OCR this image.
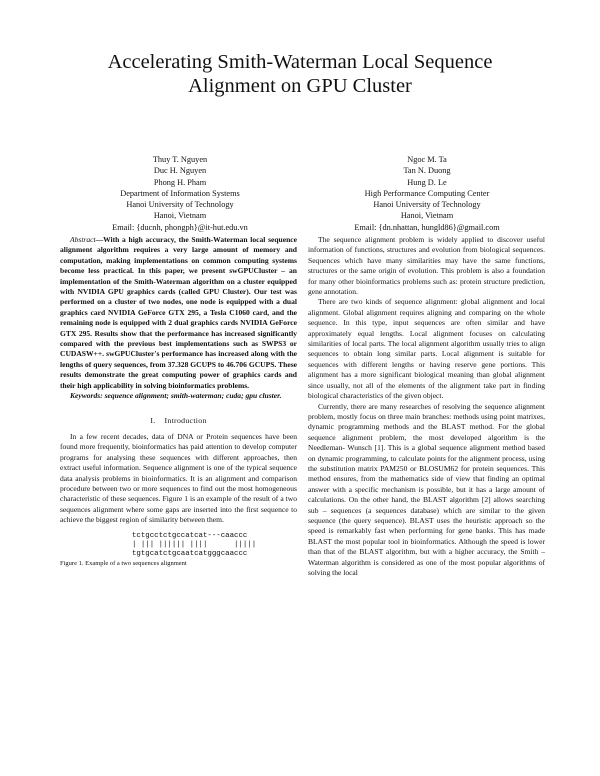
Accelerating Smith-Waterman Local Sequence
Alignment on GPU Cluster
Thuy T. Nguyen
Duc H. Nguyen
Phong H. Pham
Department of Information Systems
Hanoi University of Technology
Hanoi, Vietnam
Email: {ducnh, phongph}@it-hut.edu.vn
Ngoc M. Ta
Tan N. Duong
Hung D. Le
High Performance Computing Center
Hanoi University of Technology
Hanoi, Vietnam
Email: {dn.nhattan, hungld86}@gmail.com

Abstract—With a high accuracy, the Smith-Waterman local sequence alignment algorithm requires a very large amount of memory and computation, making implementations on common computing systems become less practical. In this paper, we present swGPUCluster – an implementation of the Smith-Waterman algorithm on a cluster equipped with NVIDIA GPU graphics cards (called GPU Cluster). Our test was performed on a cluster of two nodes, one node is equipped with a dual graphics card NVIDIA GeForce GTX 295, a Tesla C1060 card, and the remaining node is equipped with 2 dual graphics cards NVIDIA GeForce GTX 295. Results show that the performance has increased significantly compared with the previous best implementations such as SWPS3 or CUDASW++. swGPUCluster's performance has increased along with the lengths of query sequences, from 37.328 GCUPS to 46.706 GCUPS. These results demonstrate the great computing power of graphics cards and their high applicability in solving bioinformatics problems.

Keywords: sequence alignment; smith-waterman; cuda; gpu cluster.

I. Introduction

In a few recent decades, data of DNA or Protein sequences have been found more frequently, bioinformatics has paid attention to develop computer programs for analysing these sequences with different approaches, then extract useful information. Sequence alignment is one of the typical sequence data analysis problems in bioinformatics. It is an alignment and comparison procedure between two or more sequences to find out the most homogeneous characteristic of these sequences. Figure 1 is an example of the result of a two sequences alignment where some gaps are inserted into the first sequence to achieve the biggest region of similarity between them.

tctgcctctgccatcat---caaccc
| ||| |||||| ||||      |||||
tgtgcatctgcaatcatgggcaaccc

Figure 1. Example of a two sequences alignment

The sequence alignment problem is widely applied to discover useful information of functions, structures and evolution from biological sequences. Sequences which have many similarities may have the same functions, structures or the same origin of evolution. This problem is also a foundation for many other bioinformatics problems such as: protein structure prediction, gene annotation.

There are two kinds of sequence alignment: global alignment and local alignment. Global alignment requires aligning and comparing on the whole sequence. In this type, input sequences are often similar and have approximately equal lengths. Local alignment focuses on calculating similarities of local parts. The local alignment algorithm usually tries to align sequences to obtain long similar parts. Local alignment is suitable for sequences with different lengths or having reserve gene portions. This alignment has a more significant biological meaning than global alignment since usually, not all of the elements of the alignment take part in finding biological characteristics of the given object.

Currently, there are many researches of resolving the sequence alignment problem, mostly focus on three main branches: methods using point matrixes, dynamic programming methods and the BLAST method. For the global sequence alignment problem, the most developed algorithm is the Needleman- Wunsch [1]. This is a global sequence alignment method based on dynamic programming, to calculate points for the alignment process, using the substitution matrix PAM250 or BLOSUM62 for protein sequences. This method ensures, from the mathematics side of view that finding an optimal answer with a specific mechanism is possible, but it has a large amount of calculations. On the other hand, the BLAST algorithm [2] allows searching sub – sequences (a sequences database) which are similar to the given sequence (the query sequence). BLAST uses the heuristic approach so the speed is remarkably fast when performing for gene banks. This has made BLAST the most popular tool in bioinformatics. Although the speed is lower than that of the BLAST algorithm, but with a higher accuracy, the Smith – Waterman algorithm is considered as one of the most popular algorithms of solving the local
